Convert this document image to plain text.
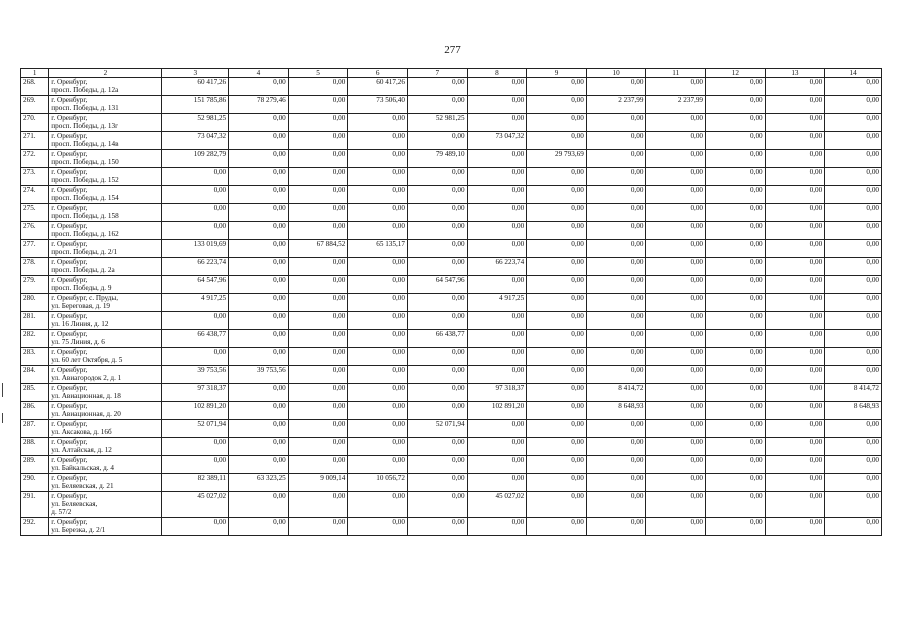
277
1	2	3	4	5	6	7	8	9	10	11	12	13	14
268.	г. Оренбург,
просп. Победы, д. 12а	60 417,26	0,00	0,00	60 417,26	0,00	0,00	0,00	0,00	0,00	0,00	0,00	0,00
269.	г. Оренбург,
просп. Победы, д. 131	151 785,86	78 279,46	0,00	73 506,40	0,00	0,00	0,00	2 237,99	2 237,99	0,00	0,00	0,00
270.	г. Оренбург,
просп. Победы, д. 13г	52 981,25	0,00	0,00	0,00	52 981,25	0,00	0,00	0,00	0,00	0,00	0,00	0,00
271.	г. Оренбург,
просп. Победы, д. 14в	73 047,32	0,00	0,00	0,00	0,00	73 047,32	0,00	0,00	0,00	0,00	0,00	0,00
272.	г. Оренбург,
просп. Победы, д. 150	109 282,79	0,00	0,00	0,00	79 489,10	0,00	29 793,69	0,00	0,00	0,00	0,00	0,00
273.	г. Оренбург,
просп. Победы, д. 152	0,00	0,00	0,00	0,00	0,00	0,00	0,00	0,00	0,00	0,00	0,00	0,00
274.	г. Оренбург,
просп. Победы, д. 154	0,00	0,00	0,00	0,00	0,00	0,00	0,00	0,00	0,00	0,00	0,00	0,00
275.	г. Оренбург,
просп. Победы, д. 158	0,00	0,00	0,00	0,00	0,00	0,00	0,00	0,00	0,00	0,00	0,00	0,00
276.	г. Оренбург,
просп. Победы, д. 162	0,00	0,00	0,00	0,00	0,00	0,00	0,00	0,00	0,00	0,00	0,00	0,00
277.	г. Оренбург,
просп. Победы, д. 2/1	133 019,69	0,00	67 884,52	65 135,17	0,00	0,00	0,00	0,00	0,00	0,00	0,00	0,00
278.	г. Оренбург,
просп. Победы, д. 2а	66 223,74	0,00	0,00	0,00	0,00	66 223,74	0,00	0,00	0,00	0,00	0,00	0,00
279.	г. Оренбург,
просп. Победы, д. 9	64 547,96	0,00	0,00	0,00	64 547,96	0,00	0,00	0,00	0,00	0,00	0,00	0,00
280.	г. Оренбург, с. Пруды,
ул. Береговая, д. 19	4 917,25	0,00	0,00	0,00	0,00	4 917,25	0,00	0,00	0,00	0,00	0,00	0,00
281.	г. Оренбург,
ул. 16 Линия, д. 12	0,00	0,00	0,00	0,00	0,00	0,00	0,00	0,00	0,00	0,00	0,00	0,00
282.	г. Оренбург,
ул. 75 Линия, д. 6	66 438,77	0,00	0,00	0,00	66 438,77	0,00	0,00	0,00	0,00	0,00	0,00	0,00
283.	г. Оренбург,
ул. 60 лет Октября, д. 5	0,00	0,00	0,00	0,00	0,00	0,00	0,00	0,00	0,00	0,00	0,00	0,00
284.	г. Оренбург,
ул. Авиагородок 2, д. 1	39 753,56	39 753,56	0,00	0,00	0,00	0,00	0,00	0,00	0,00	0,00	0,00	0,00
285.	г. Оренбург,
ул. Авиационная, д. 18	97 318,37	0,00	0,00	0,00	0,00	97 318,37	0,00	8 414,72	0,00	0,00	0,00	8 414,72
286.	г. Оренбург,
ул. Авиационная, д. 20	102 891,20	0,00	0,00	0,00	0,00	102 891,20	0,00	8 648,93	0,00	0,00	0,00	8 648,93
287.	г. Оренбург,
ул. Аксакова, д. 16б	52 071,94	0,00	0,00	0,00	52 071,94	0,00	0,00	0,00	0,00	0,00	0,00	0,00
288.	г. Оренбург,
ул. Алтайская, д. 12	0,00	0,00	0,00	0,00	0,00	0,00	0,00	0,00	0,00	0,00	0,00	0,00
289.	г. Оренбург,
ул. Байкальская, д. 4	0,00	0,00	0,00	0,00	0,00	0,00	0,00	0,00	0,00	0,00	0,00	0,00
290.	г. Оренбург,
ул. Беляевская, д. 21	82 389,11	63 323,25	9 009,14	10 056,72	0,00	0,00	0,00	0,00	0,00	0,00	0,00	0,00
291.	г. Оренбург,
ул. Беляевская,
д. 57/2	45 027,02	0,00	0,00	0,00	0,00	45 027,02	0,00	0,00	0,00	0,00	0,00	0,00
292.	г. Оренбург,
ул. Березка, д. 2/1	0,00	0,00	0,00	0,00	0,00	0,00	0,00	0,00	0,00	0,00	0,00	0,00
